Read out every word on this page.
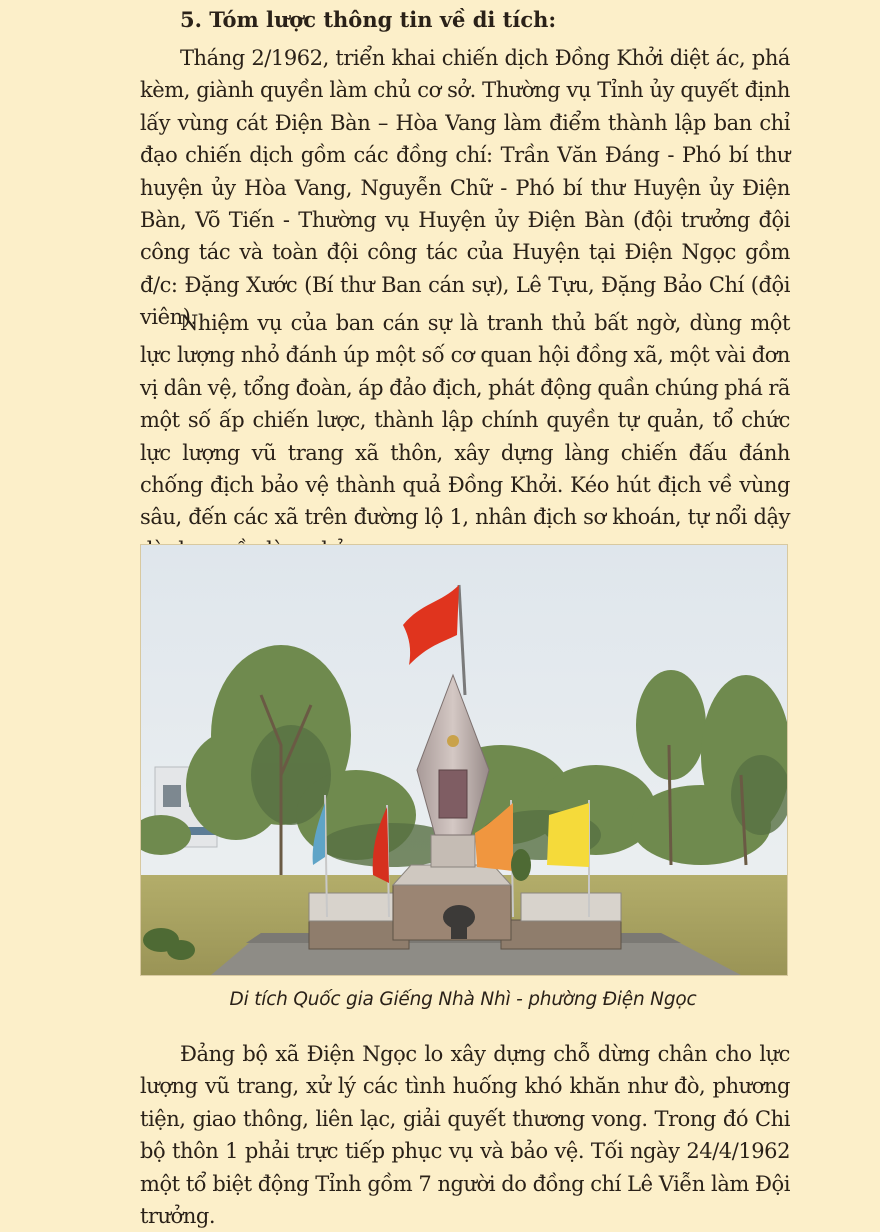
5. Tóm lược thông tin về di tích:

Tháng 2/1962, triển khai chiến dịch Đồng Khởi diệt ác, phá kèm, giành quyền làm chủ cơ sở. Thường vụ Tỉnh ủy quyết định lấy vùng cát Điện Bàn – Hòa Vang làm điểm thành lập ban chỉ đạo chiến dịch gồm các đồng chí: Trần Văn Đáng - Phó bí thư huyện ủy Hòa Vang, Nguyễn Chữ - Phó bí thư Huyện ủy Điện Bàn, Võ Tiến - Thường vụ Huyện ủy Điện Bàn (đội trưởng đội công tác và toàn đội công tác của Huyện tại Điện Ngọc gồm đ/c: Đặng Xước (Bí thư Ban cán sự), Lê Tựu, Đặng Bảo Chí (đội viên).

Nhiệm vụ của ban cán sự là tranh thủ bất ngờ, dùng một lực lượng nhỏ đánh úp một số cơ quan hội đồng xã, một vài đơn vị dân vệ, tổng đoàn, áp đảo địch, phát động quần chúng phá rã một số ấp chiến lược, thành lập chính quyền tự quản, tổ chức lực lượng vũ trang xã thôn, xây dựng làng chiến đấu đánh chống địch bảo vệ thành quả Đồng Khởi. Kéo hút địch về vùng sâu, đến các xã trên đường lộ 1, nhân địch sơ khoán, tự nổi dậy

Di tích Quốc gia Giếng Nhà Nhì - phường Điện Ngọc

Đảng bộ xã Điện Ngọc lo xây dựng chỗ dừng chân cho lực lượng vũ trang, xử lý các tình huống khó khăn như đò, phương tiện, giao thông, liên lạc, giải quyết thương vong. Trong đó Chi bộ thôn 1 phải trực tiếp phục vụ và bảo vệ. Tối ngày 24/4/1962 một tổ biệt động Tỉnh gồm 7 người do đồng chí Lê Viễn làm Đội trưởng.
